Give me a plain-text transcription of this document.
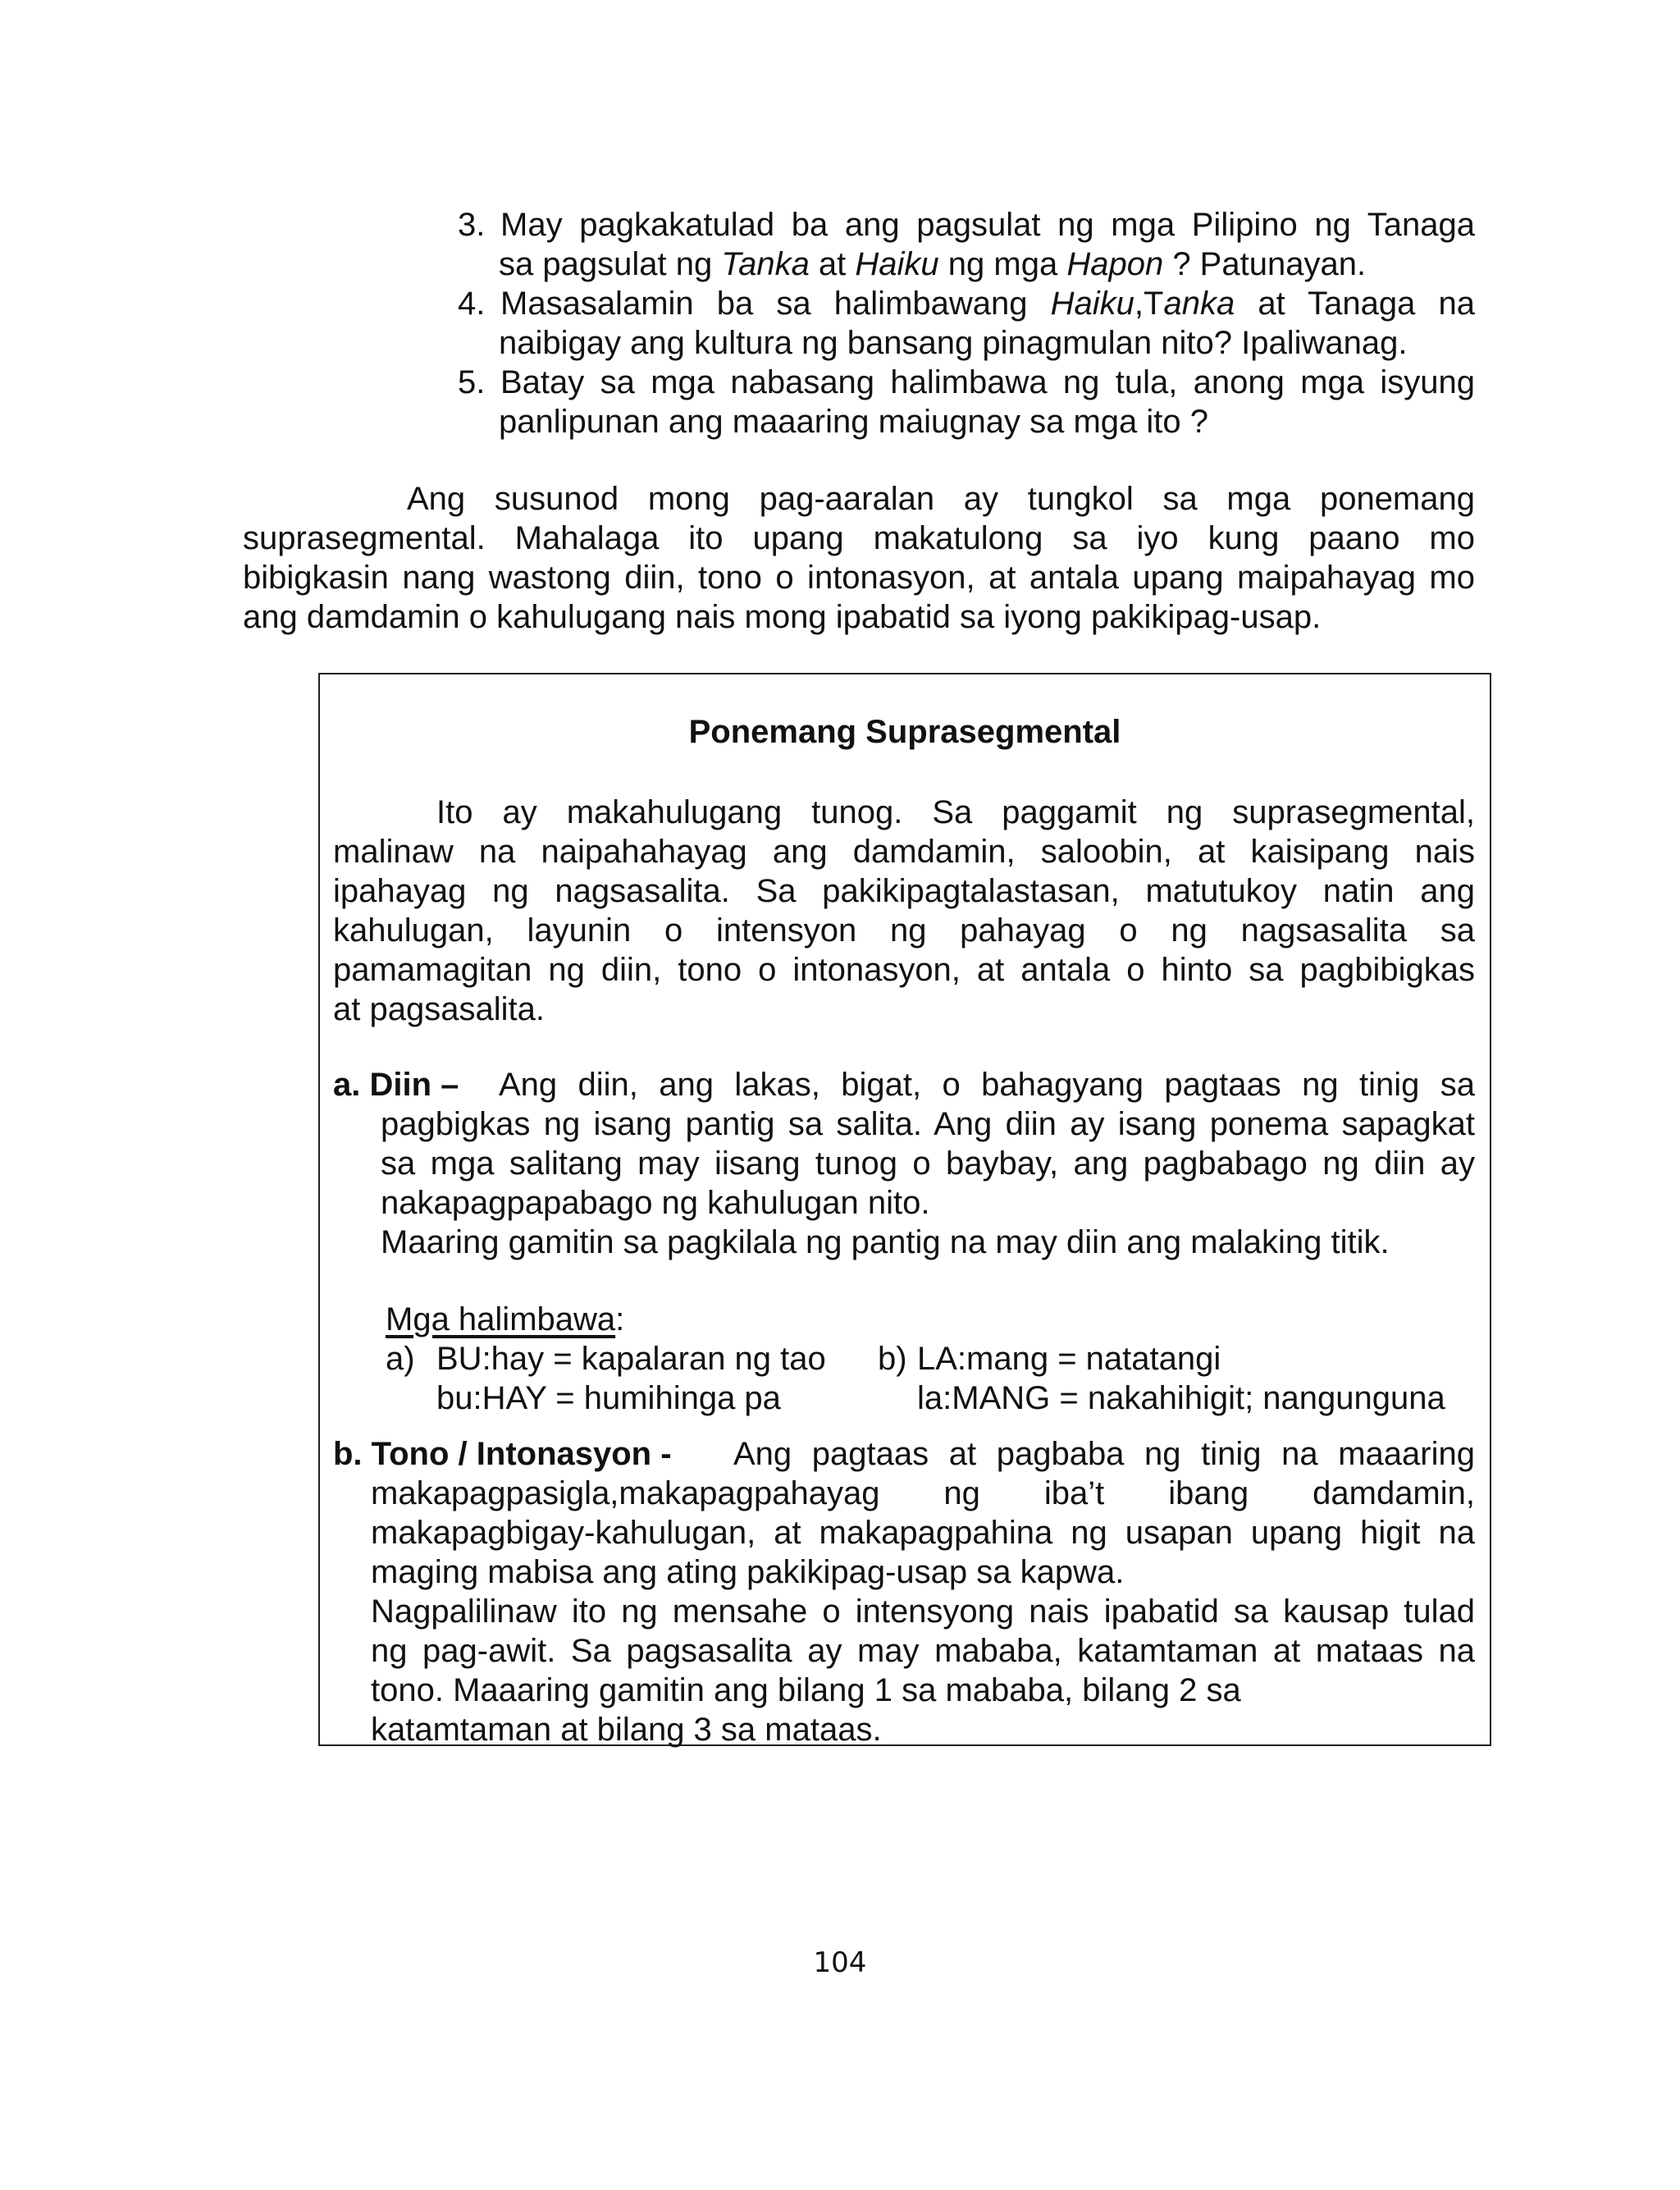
3. May pagkakatulad ba ang pagsulat ng mga Pilipino ng Tanaga
sa pagsulat ng Tanka at Haiku ng mga Hapon ? Patunayan.
4. Masasalamin ba sa halimbawang Haiku,Tanka at Tanaga na
naibigay ang kultura ng bansang pinagmulan nito? Ipaliwanag.
5. Batay sa mga nabasang halimbawa ng tula, anong mga isyung
panlipunan ang maaaring maiugnay sa mga ito ?
Ang susunod mong pag-aaralan ay tungkol sa mga ponemang
suprasegmental. Mahalaga ito upang makatulong sa iyo kung paano mo
bibigkasin nang wastong diin, tono o intonasyon, at antala upang maipahayag mo
ang damdamin o kahulugang nais mong ipabatid sa iyong pakikipag-usap.
Ponemang Suprasegmental
Ito ay makahulugang tunog. Sa paggamit ng suprasegmental,
malinaw na naipahahayag ang damdamin, saloobin, at kaisipang nais
ipahayag ng nagsasalita. Sa pakikipagtalastasan, matutukoy natin ang
kahulugan, layunin o intensyon ng pahayag o ng nagsasalita sa
pamamagitan ng diin, tono o intonasyon, at antala o hinto sa pagbibigkas
at pagsasalita.
a. Diin – Ang diin, ang lakas, bigat, o bahagyang pagtaas ng tinig sa
pagbigkas ng isang pantig sa salita. Ang diin ay isang ponema sapagkat
sa mga salitang may iisang tunog o baybay, ang pagbabago ng diin ay
nakapagpapabago ng kahulugan nito.
Maaring gamitin sa pagkilala ng pantig na may diin ang malaking titik.
Mga halimbawa:
a) BU:hay = kapalaran ng tao b) LA:mang = natatangi
bu:HAY = humihinga pa	la:MANG = nakahihigit; nangunguna
b. Tono / Intonasyon - Ang pagtaas at pagbaba ng tinig na maaaring
makapagpasigla,makapagpahayag ng iba’t ibang damdamin,
makapagbigay-kahulugan, at makapagpahina ng usapan upang higit na
maging mabisa ang ating pakikipag-usap sa kapwa.
Nagpalilinaw ito ng mensahe o intensyong nais ipabatid sa kausap tulad
ng pag-awit. Sa pagsasalita ay may mababa, katamtaman at mataas na
tono. Maaaring gamitin ang bilang 1 sa mababa, bilang 2 sa
katamtaman at bilang 3 sa mataas.
104
